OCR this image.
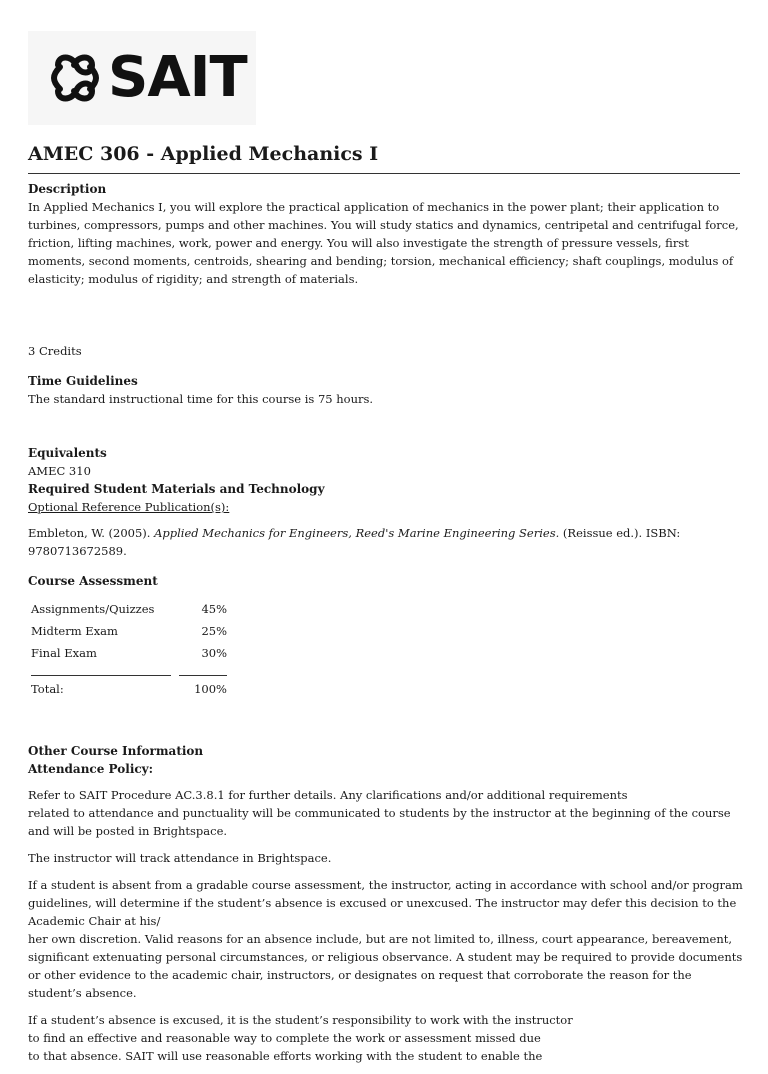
SAIT
AMEC 306 - Applied Mechanics I
Description

In Applied Mechanics I, you will explore the practical application of mechanics in the power plant; their application to turbines, compressors, pumps and other machines. You will study statics and dynamics, centripetal and centrifugal force, friction, lifting machines, work, power and energy. You will also investigate the strength of pressure vessels, first moments, second moments, centroids, shearing and bending; torsion, mechanical efficiency; shaft couplings, modulus of elasticity; modulus of rigidity; and strength of materials.

3 Credits

Time Guidelines

The standard instructional time for this course is 75 hours.

Equivalents

AMEC 310

Required Student Materials and Technology

Optional Reference Publication(s):

Embleton, W. (2005). Applied Mechanics for Engineers, Reed's Marine Engineering Series. (Reissue ed.). ISBN: 9780713672589.

Course Assessment
Assignments/Quizzes	45%
Midterm Exam	25%
Final Exam	30%

Total:	100%
Other Course Information
Attendance Policy:
Refer to SAIT Procedure AC.3.8.1 for further details. Any clarifications and/or additional requirements
related to attendance and punctuality will be communicated to students by the instructor at the beginning of the course and will be posted in Brightspace.

The instructor will track attendance in Brightspace.

If a student is absent from a gradable course assessment, the instructor, acting in accordance with school and/or program guidelines, will determine if the student’s absence is excused or unexcused. The instructor may defer this decision to the Academic Chair at his/
her own discretion. Valid reasons for an absence include, but are not limited to, illness, court appearance, bereavement, significant extenuating personal circumstances, or religious observance. A student may be required to provide documents or other evidence to the academic chair, instructors, or designates on request that corroborate the reason for the student’s absence.
If a student’s absence is excused, it is the student’s responsibility to work with the instructor
to find an effective and reasonable way to complete the work or assessment missed due
to that absence. SAIT will use reasonable efforts working with the student to enable the
